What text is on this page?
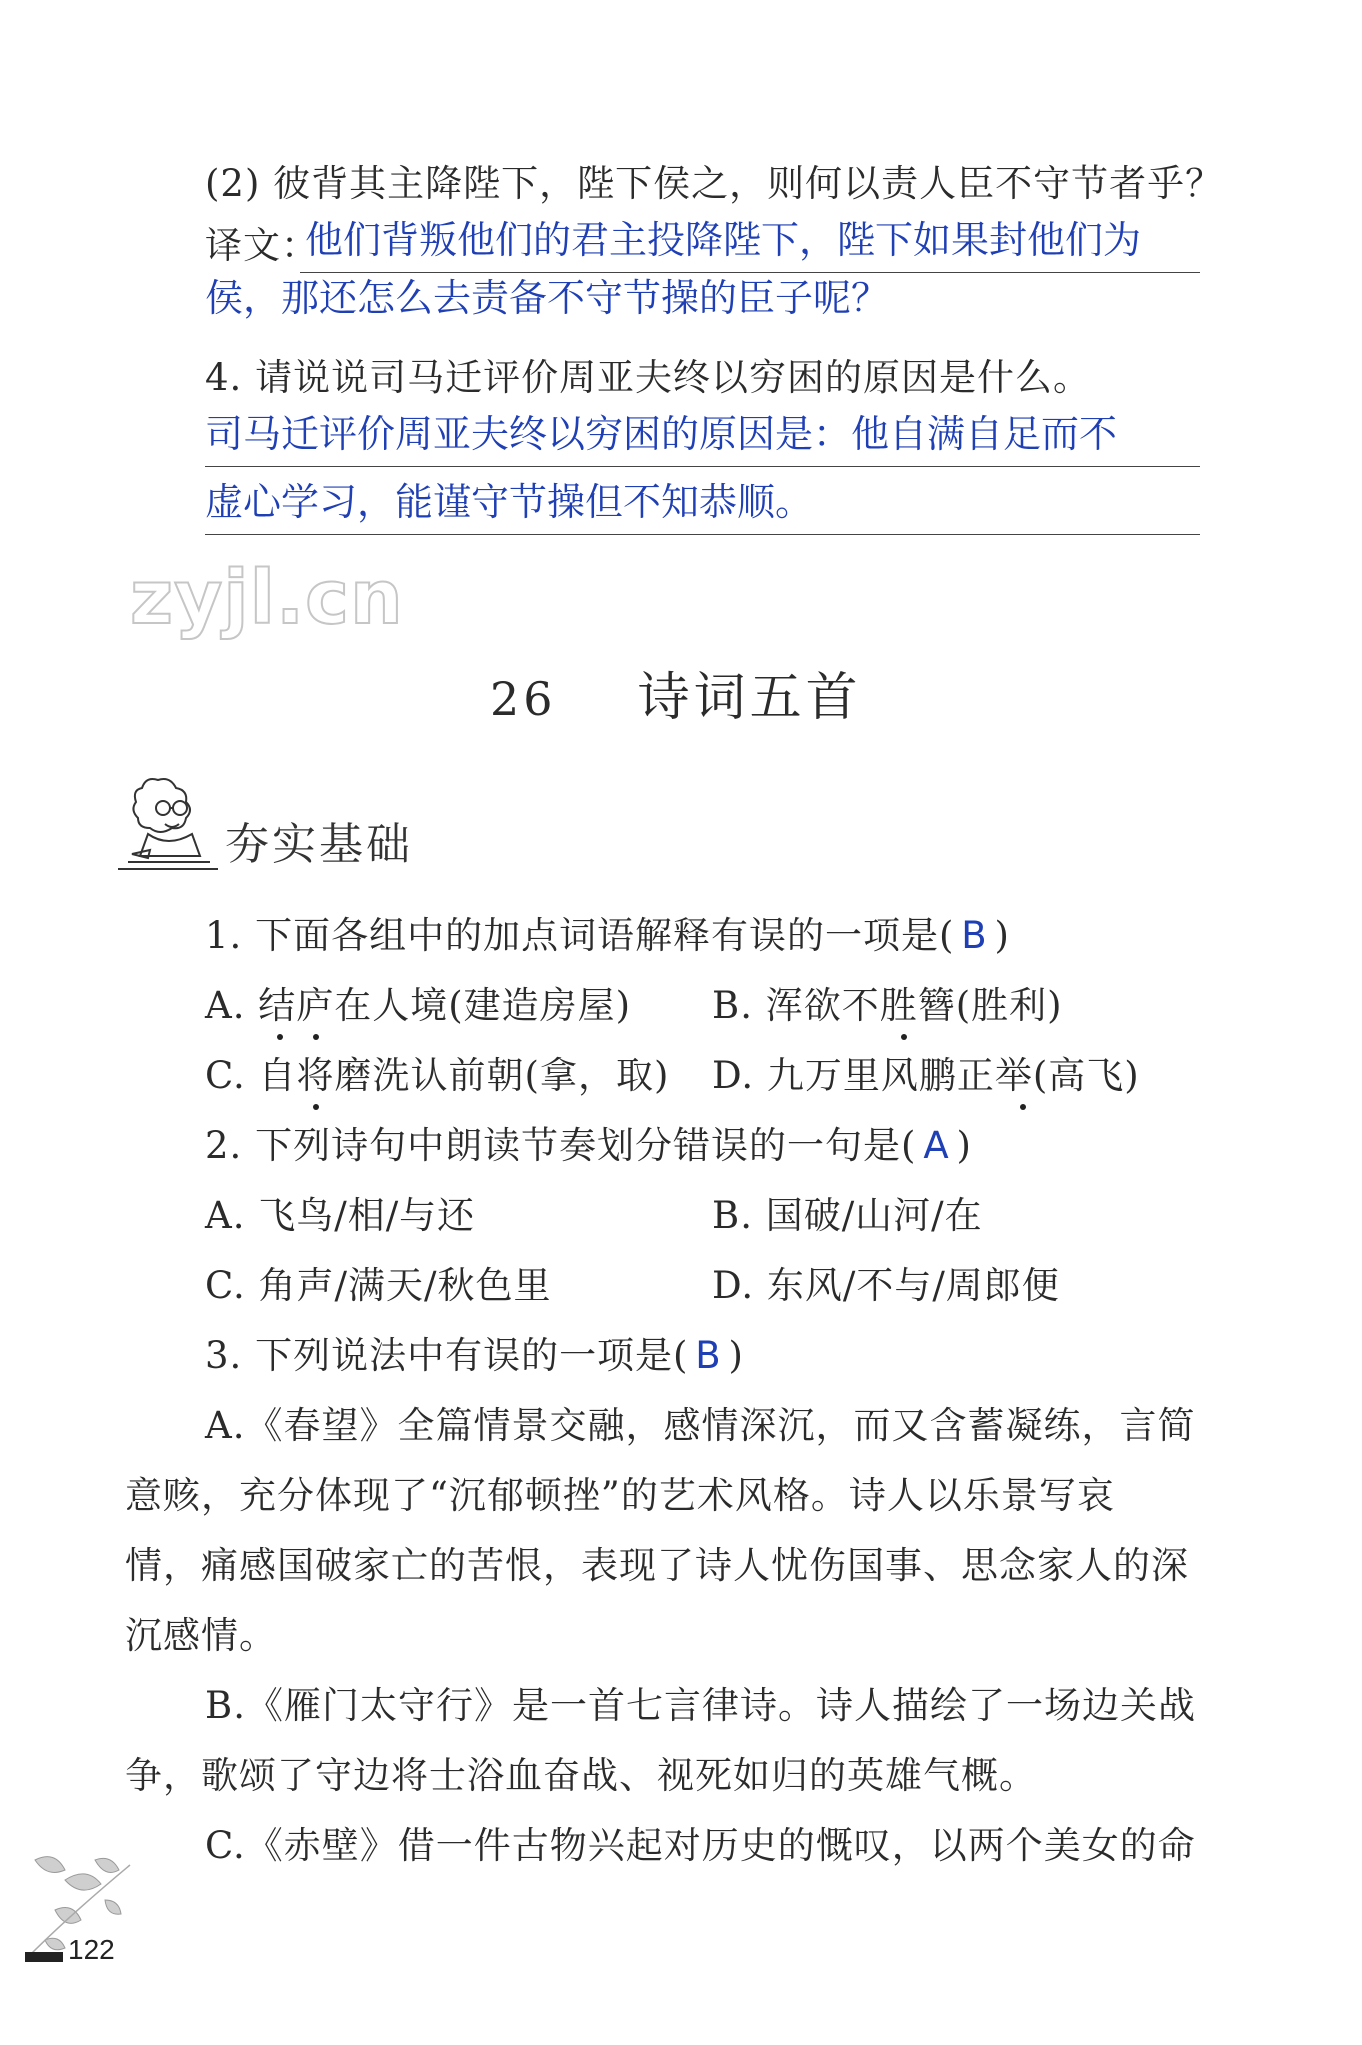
(2) 彼背其主降陛下，陛下侯之，则何以责人臣不守节者乎？
译文：
他们背叛他们的君主投降陛下，陛下如果封他们为
侯，那还怎么去责备不守节操的臣子呢？
4. 请说说司马迁评价周亚夫终以穷困的原因是什么。
司马迁评价周亚夫终以穷困的原因是：他自满自足而不
虚心学习，能谨守节操但不知恭顺。
zyjl.cn
26 诗词五首
夯实基础
1. 下面各组中的加点词语解释有误的一项是( B )
A. 结庐在人境(建造房屋) B. 浑欲不胜簪(胜利)
C. 自将磨洗认前朝(拿，取) D. 九万里风鹏正举(高飞)
2. 下列诗句中朗读节奏划分错误的一句是( A )
A. 飞鸟/相/与还	B. 国破/山河/在
C. 角声/满天/秋色里	D. 东风/不与/周郎便
3. 下列说法中有误的一项是( B )
A.《春望》全篇情景交融，感情深沉，而又含蓄凝练，言简
意赅，充分体现了“沉郁顿挫”的艺术风格。诗人以乐景写哀
情，痛感国破家亡的苦恨，表现了诗人忧伤国事、思念家人的深
沉感情。
B.《雁门太守行》是一首七言律诗。诗人描绘了一场边关战
争，歌颂了守边将士浴血奋战、视死如归的英雄气概。
C.《赤壁》借一件古物兴起对历史的慨叹，以两个美女的命
122
